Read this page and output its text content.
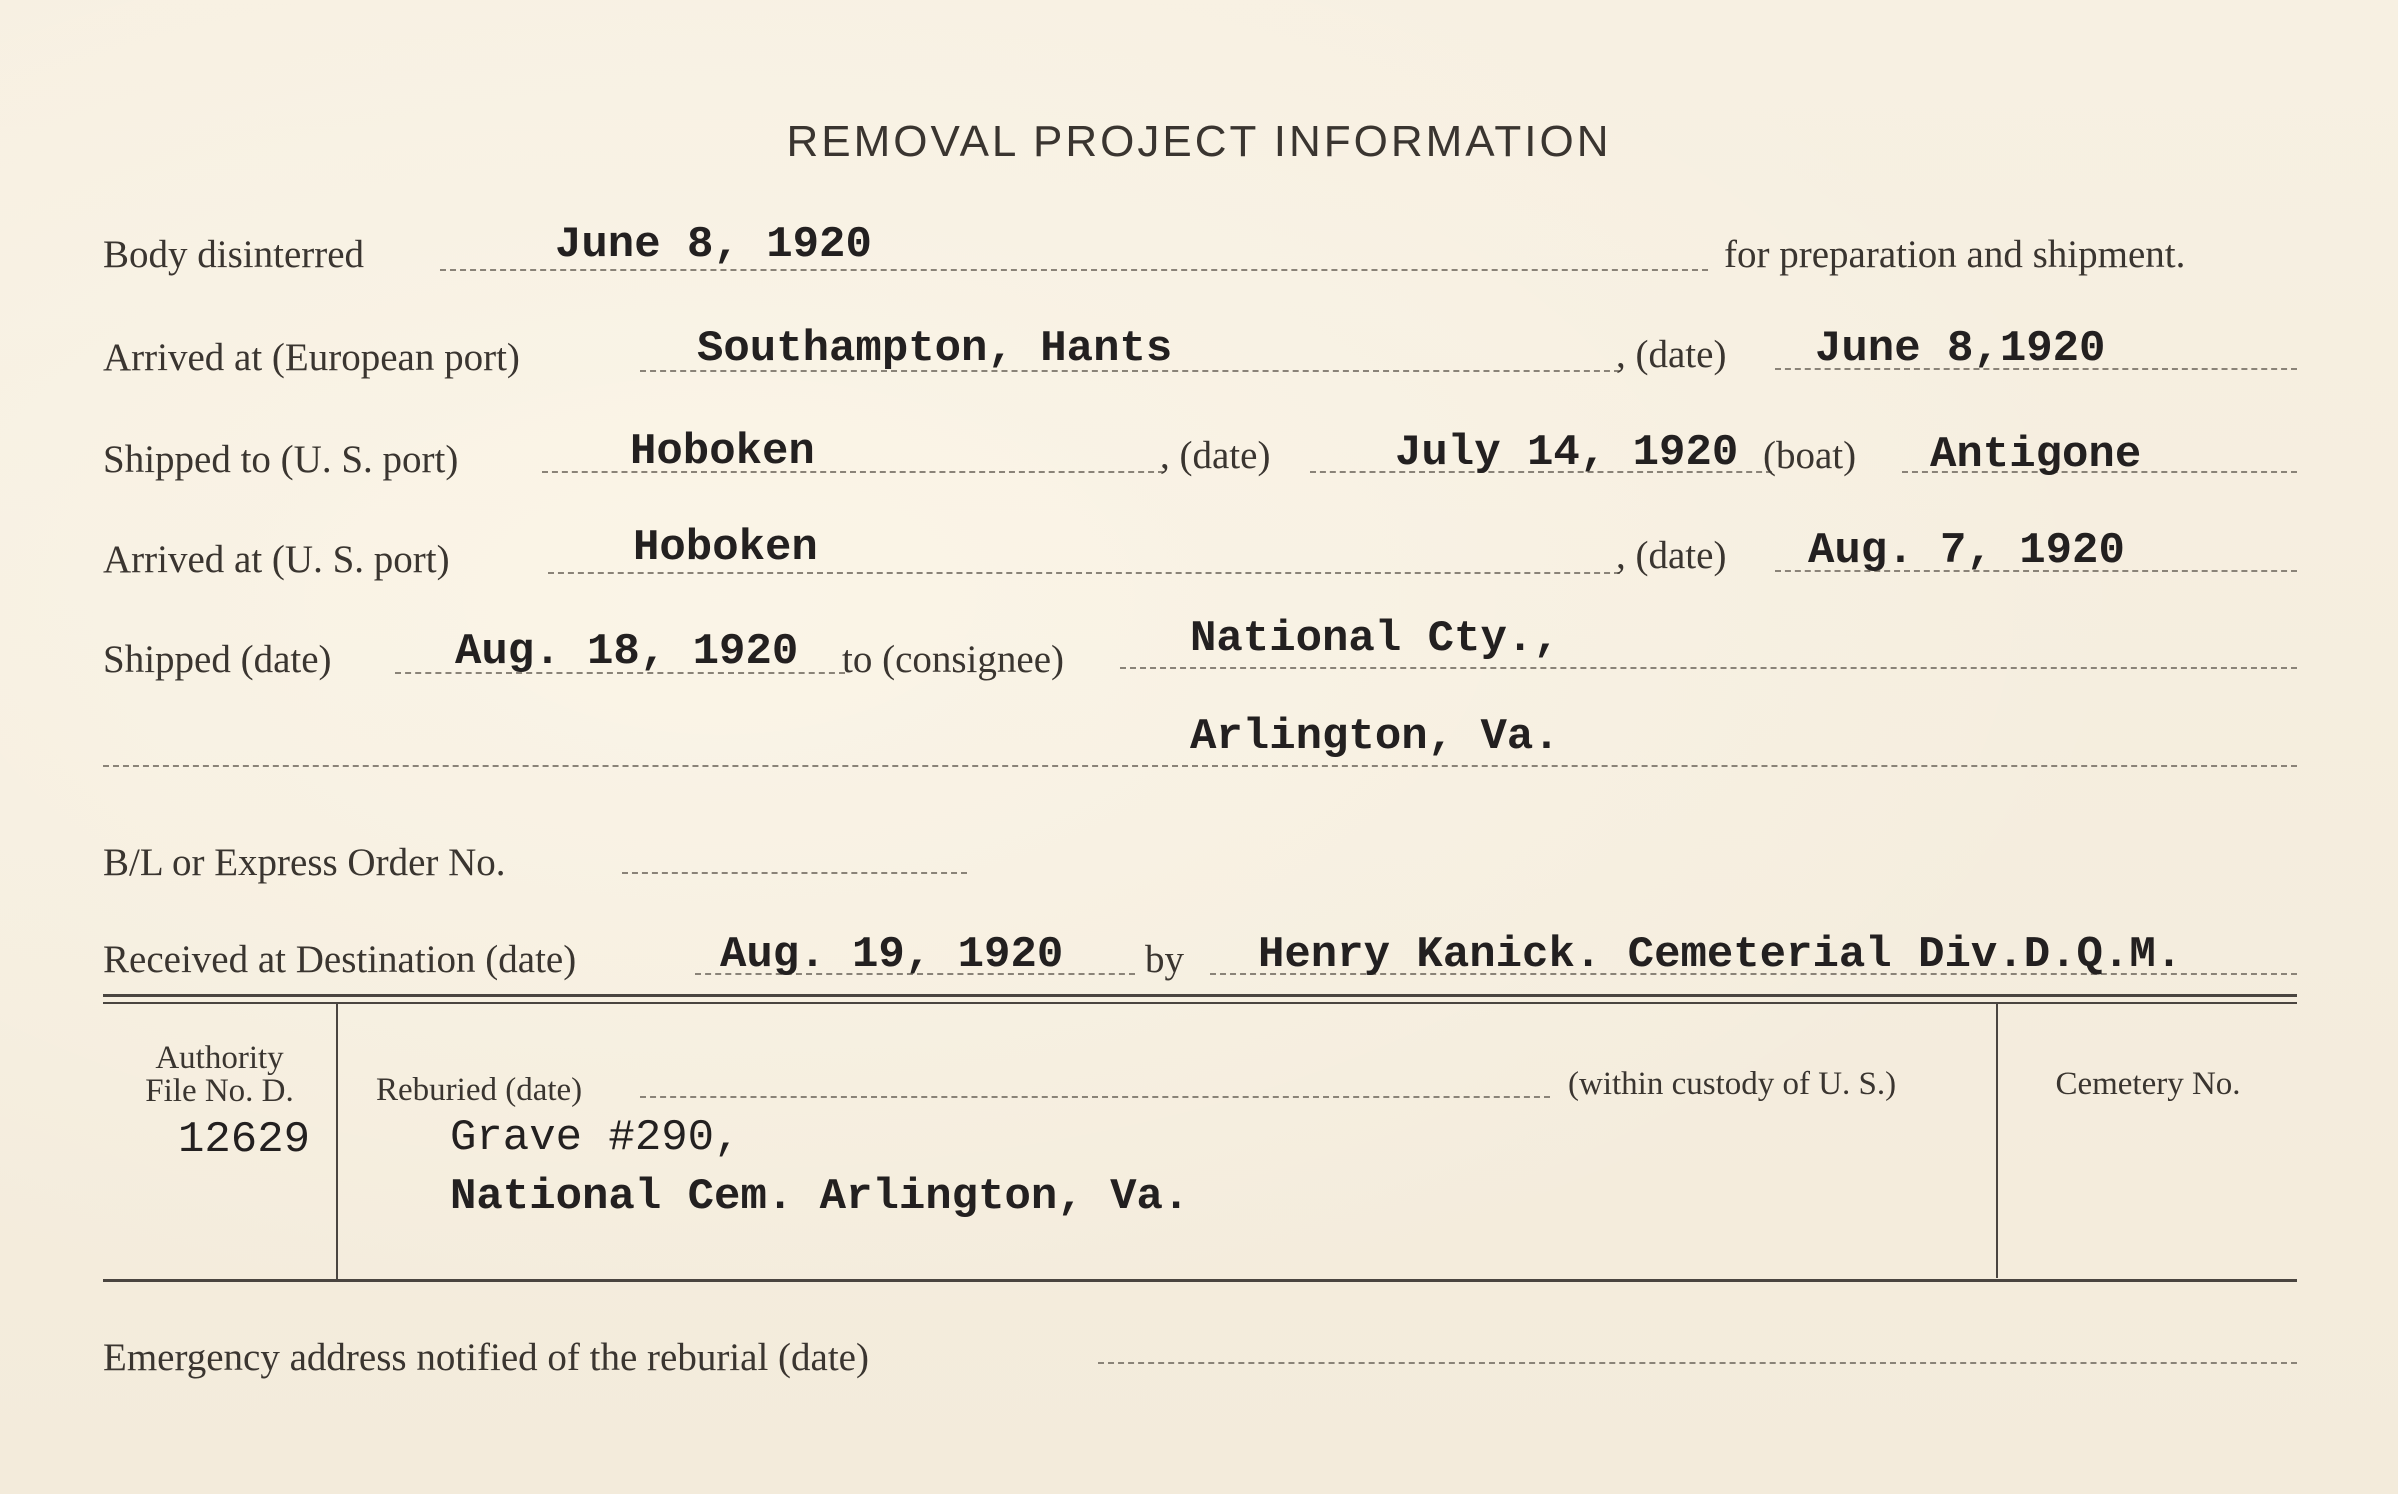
REMOVAL PROJECT INFORMATION
Body disinterred	June 8, 1920	for preparation and shipment.
Arrived at (European port)	Southampton, Hants	, (date) June 8,1920
Shipped to (U. S. port)	Hoboken	, (date)	July 14, 1920 (boat) Antigone
Arrived at (U. S. port)	Hoboken	, (date) Aug. 7, 1920
Shipped (date)	Aug. 18, 1920 to (consignee)	National Cty.,
Arlington, Va.
B/L or Express Order No.
Received at Destination (date)	Aug. 19, 1920 by Henry Kanick. Cemeterial Div.D.Q.M.
Authority
File No. D.
12629
Reburied (date)	(within custody of U. S.)
Grave #290,
National Cem. Arlington, Va.
Cemetery No.
Emergency address notified of the reburial (date)
